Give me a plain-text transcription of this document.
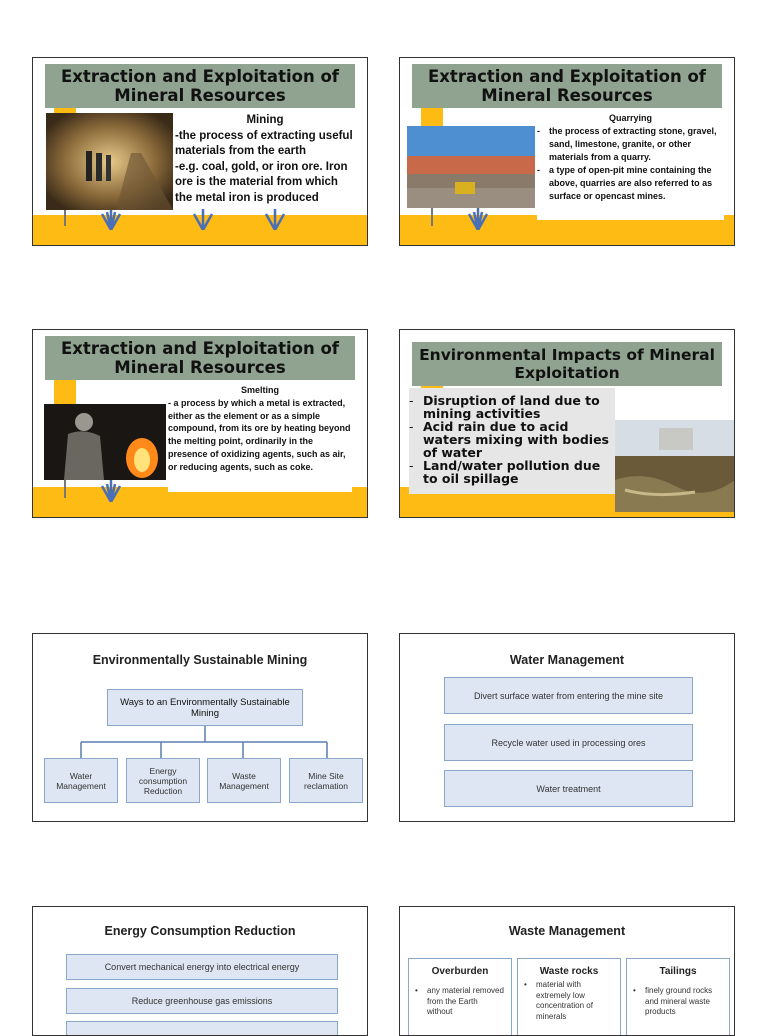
Extraction and Exploitation of Mineral Resources
Mining
-the process of extracting useful materials from the earth
-e.g. coal, gold, or iron ore. Iron ore is the material from which the metal iron is produced
Extraction and Exploitation of Mineral Resources
Quarrying
-	the process of extracting stone, gravel, sand, limestone, granite, or other materials from a quarry.
-	a type of open-pit mine containing the above, quarries are also referred to as surface or opencast mines.
Extraction and Exploitation of Mineral Resources
Smelting
- a process by which a metal is extracted, either as the element or as a simple compound, from its ore by heating beyond the melting point, ordinarily in the presence of oxidizing agents, such as air, or reducing agents, such as coke.
Environmental Impacts of Mineral Exploitation
- Disruption of land due to mining activities
- Acid rain due to acid waters mixing with bodies of water
- Land/water pollution due to oil spillage
Environmentally Sustainable Mining
Ways to an Environmentally Sustainable Mining
Water Management
Energy consumption Reduction
Waste Management
Mine Site reclamation
Water Management
Divert surface water from entering the mine site
Recycle water used in processing ores
Water treatment
Energy Consumption Reduction
Convert mechanical energy into electrical energy
Reduce greenhouse gas emissions
Waste Management
Overburden
•	any material removed from the Earth without
Waste rocks
•	material with extremely low concentration of minerals
Tailings
•	finely ground rocks and mineral waste products
